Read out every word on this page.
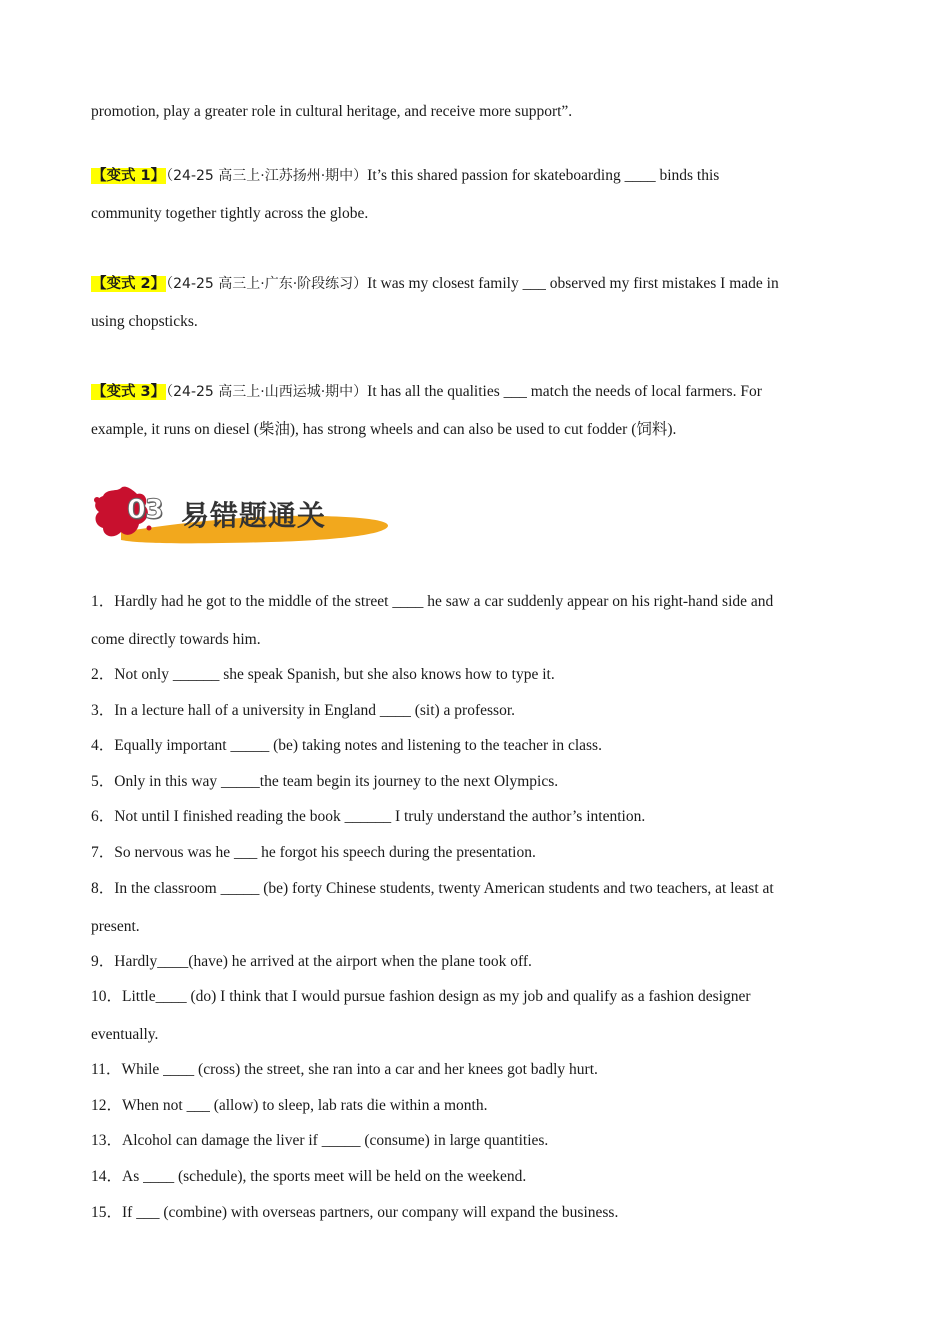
promotion, play a greater role in cultural heritage, and receive more support”.
【变式 1】（24-25 高三上·江苏扬州·期中）It’s this shared passion for skateboarding ____ binds this
community together tightly across the globe.
【变式 2】（24-25 高三上·广东·阶段练习）It was my closest family ___ observed my first mistakes I made in
using chopsticks.
【变式 3】（24-25 高三上·山西运城·期中）It has all the qualities ___ match the needs of local farmers. For
example, it runs on diesel (柴油), has strong wheels and can also be used to cut fodder (饲料).
03 易错题通关
1．Hardly had he got to the middle of the street ____ he saw a car suddenly appear on his right-hand side and
come directly towards him.
2．Not only ______ she speak Spanish, but she also knows how to type it.
3．In a lecture hall of a university in England ____ (sit) a professor.
4．Equally important _____ (be) taking notes and listening to the teacher in class.
5．Only in this way _____the team begin its journey to the next Olympics.
6．Not until I finished reading the book ______ I truly understand the author’s intention.
7．So nervous was he ___ he forgot his speech during the presentation.
8．In the classroom _____ (be) forty Chinese students, twenty American students and two teachers, at least at
present.
9．Hardly____(have) he arrived at the airport when the plane took off.
10．Little____ (do) I think that I would pursue fashion design as my job and qualify as a fashion designer
eventually.
11．While ____ (cross) the street, she ran into a car and her knees got badly hurt.
12．When not ___ (allow) to sleep, lab rats die within a month.
13．Alcohol can damage the liver if _____ (consume) in large quantities.
14．As ____ (schedule), the sports meet will be held on the weekend.
15．If ___ (combine) with overseas partners, our company will expand the business.
